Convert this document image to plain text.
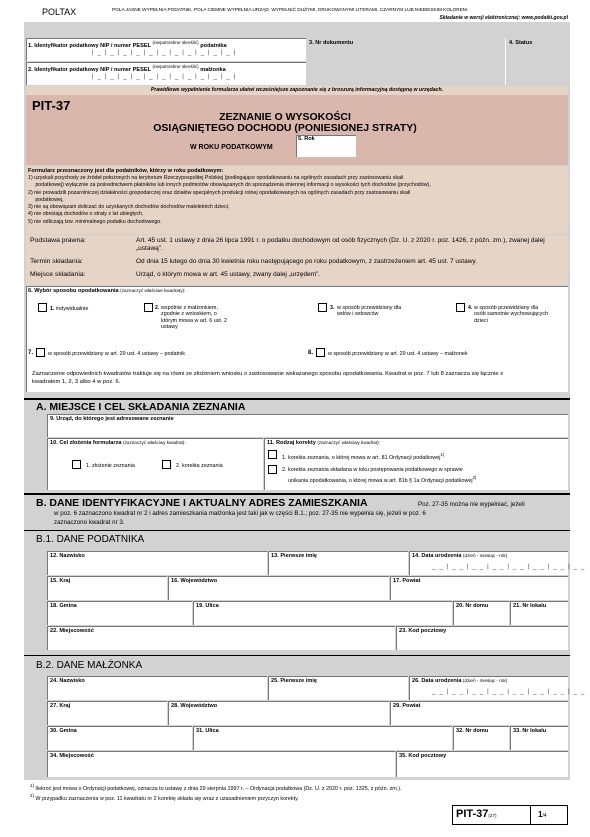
POLTAX	POLA JASNE WYPEŁNIA PODATNIK, POLA CIEMNE WYPEŁNIA URZĄD. WYPEŁNIĆ DUŻYMI, DRUKOWANYMI LITERAMI, CZARNYM LUB NIEBIESKIM KOLOREM.
Składanie w wersji elektronicznej: www.podatki.gov.pl
1. Identyfikator podatkowy NIP / numer PESEL $^{(niepotrzebne skreślić)}$ podatnika
|_|_|_|_|_|_|_|_|_|_|_|
2. Identyfikator podatkowy NIP / numer PESEL $^{(niepotrzebne skreślić)}$ małżonka
|_|_|_|_|_|_|_|_|_|_|_|
3. Nr dokumentu	4. Status
Prawidłowe wypełnienie formularza ułatwi wcześniejsze zapoznanie się z broszurą informacyjną dostępną w urzędach.
PIT-37
ZEZNANIE O WYSOKOŚCI
OSIĄGNIĘTEGO DOCHODU (PONIESIONEJ STRATY)
W ROKU PODATKOWYM
5. Rok
Formularz przeznaczony jest dla podatników, którzy w roku podatkowym:
1) uzyskali przychody ze źródeł położonych na terytorium Rzeczypospolitej Polskiej (podlegające opodatkowaniu na ogólnych zasadach przy zastosowaniu skali
podatkowej) wyłącznie za pośrednictwem płatników lub innych podmiotów obowiązanych do sporządzenia imiennej informacji o wysokości tych dochodów (przychodów),
2) nie prowadzili pozarolniczej działalności gospodarczej oraz działów specjalnych produkcji rolnej opodatkowanych na ogólnych zasadach przy zastosowaniu skali
podatkowej,
3) nie są obowiązani doliczać do uzyskanych dochodów dochodów małoletnich dzieci,
4) nie obniżają dochodów o straty z lat ubiegłych,
5) nie odliczają tzw. minimalnego podatku dochodowego.
Podstawa prawna:	Art. 45 ust. 1 ustawy z dnia 26 lipca 1991 r. o podatku dochodowym od osób fizycznych (Dz. U. z 2020 r. poz. 1426, z późn. zm.), zwanej dalej „ustawą”.
Termin składania:	Od dnia 15 lutego do dnia 30 kwietnia roku następującego po roku podatkowym, z zastrzeżeniem art. 45 ust. 7 ustawy.
Miejsce składania:	Urząd, o którym mowa w art. 45 ustawy, zwany dalej „urzędem”.
6. Wybór sposobu opodatkowania (zaznaczyć właściwe kwadraty):
1. indywidualnie	2. wspólnie z małżonkiem, zgodnie z wnioskiem, o którym mowa w art. 6 ust. 2 ustawy
3. w sposób przewidziany dla wdów i wdowców
4. w sposób przewidziany dla osób samotnie wychowujących dzieci
7.	w sposób przewidziany w art. 29 ust. 4 ustawy – podatnik	8.	w sposób przewidziany w art. 29 ust. 4 ustawy – małżonek
Zaznaczenie odpowiednich kwadratów traktuje się na równi ze złożeniem wniosku o zastosowanie wskazanego sposobu opodatkowania. Kwadrat w poz. 7 lub 8 zaznacza się łącznie z kwadratem 1, 2, 3 albo 4 w poz. 6.
A. MIEJSCE I CEL SKŁADANIA ZEZNANIA
9. Urząd, do którego jest adresowane zeznanie
10. Cel złożenia formularza (zaznaczyć właściwy kwadrat):
1. złożenie zeznania	2. korekta zeznania
11. Rodzaj korekty (zaznaczyć właściwy kwadrat):
1. korekta zeznania, o której mowa w art. 81 Ordynacji podatkowej$^{1)}$
2. korekta zeznania składana w toku postępowania podatkowego w sprawie
unikania opodatkowania, o której mowa w art. 81b § 1a Ordynacji podatkowej$^{2)}$
B. DANE IDENTYFIKACYJNE I AKTUALNY ADRES ZAMIESZKANIA	Poz. 27-35 można nie wypełniać, jeżeli
w poz. 6 zaznaczono kwadrat nr 2 i adres zamieszkania małżonka jest taki jak w części B.1.; poz. 27-35 nie wypełnia się, jeżeli w poz. 6
zaznaczono kwadrat nr 3.
B.1. DANE PODATNIKA
12. Nazwisko	13. Pierwsze imię	14. Data urodzenia (dzień - miesiąc - rok)
__|__|__|__|__|__|__|__
15. Kraj	16. Województwo	17. Powiat
18. Gmina	19. Ulica	20. Nr domu	21. Nr lokalu
22. Miejscowość	23. Kod pocztowy
B.2. DANE MAŁŻONKA
24. Nazwisko	25. Pierwsze imię	26. Data urodzenia (dzień - miesiąc - rok)
__|__|__|__|__|__|__|__
27. Kraj	28. Województwo	29. Powiat
30. Gmina	31. Ulica	32. Nr domu	33. Nr lokalu
34. Miejscowość	35. Kod pocztowy
$^{1)}$ Ilekroć jest mowa o Ordynacji podatkowej, oznacza to ustawę z dnia 29 sierpnia 1997 r. – Ordynacja podatkowa (Dz. U. z 2020 r. poz. 1325, z późn. zm.).
$^{2)}$ W przypadku zaznaczenia w poz. 11 kwadratu nr 2 korektę składa się wraz z uzasadnieniem przyczyn korekty.
PIT-37(27)	1/4
